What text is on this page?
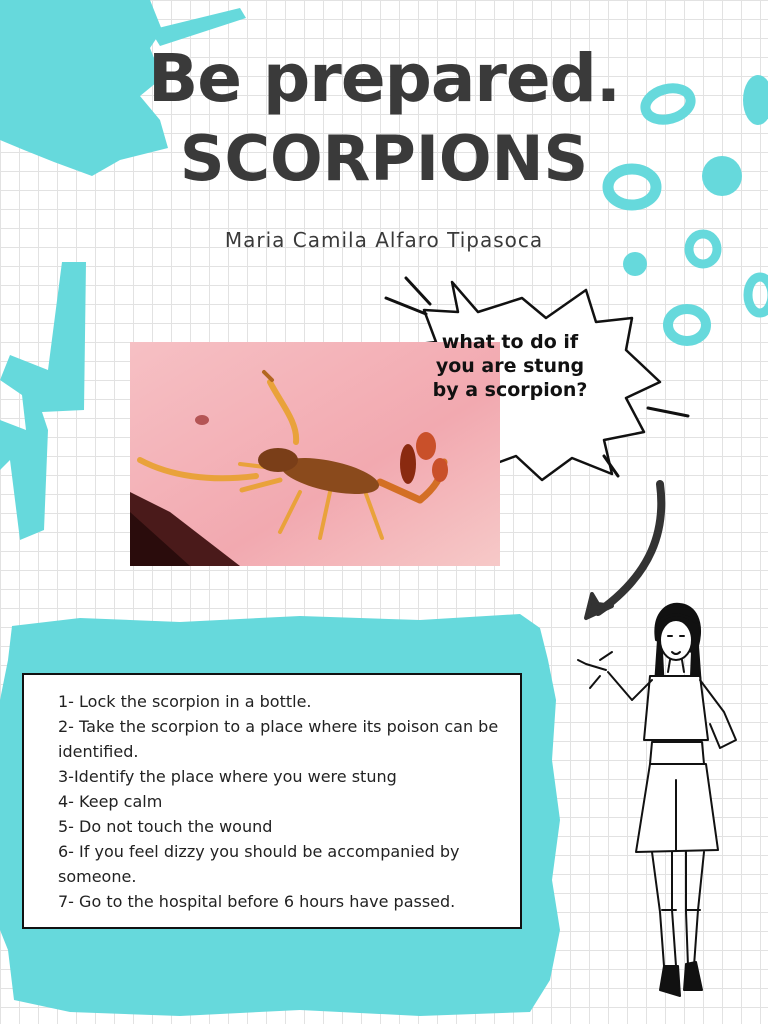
Be prepared.
SCORPIONS
Maria Camila Alfaro Tipasoca
what to do if you are stung by a scorpion?
1- Lock the scorpion in a bottle.
2- Take the scorpion to a place where its poison can be identified.
3-Identify the place where you were stung
4- Keep calm
5- Do not touch the wound
6- If you feel dizzy you should be accompanied by someone.
7- Go to the hospital before 6 hours have passed.
